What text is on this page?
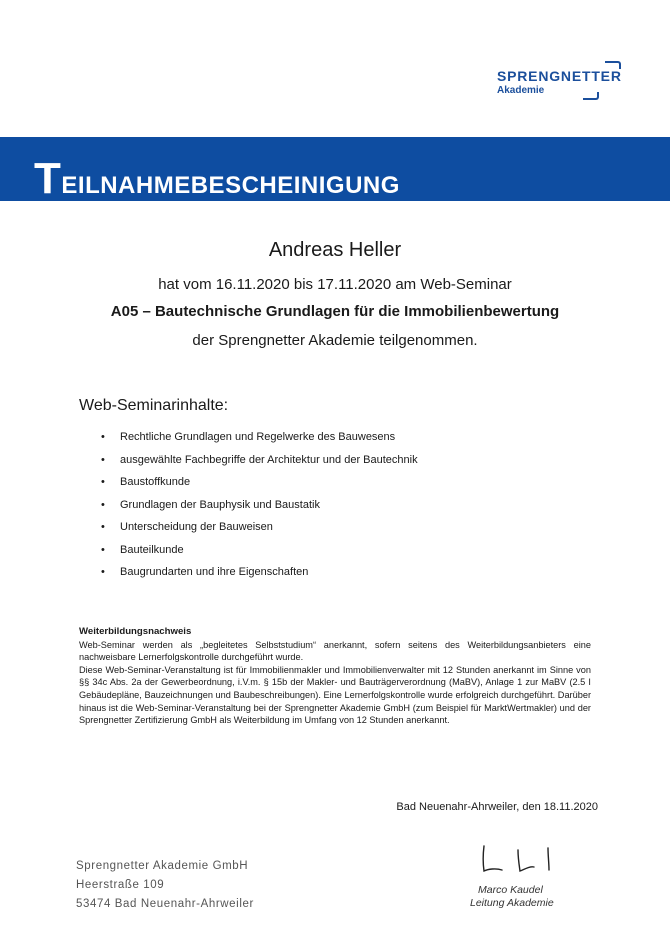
SPRENGNETTER
Akademie
Teilnahmebescheinigung
Andreas Heller
hat vom 16.11.2020 bis 17.11.2020 am Web-Seminar
A05 – Bautechnische Grundlagen für die Immobilienbewertung
der Sprengnetter Akademie teilgenommen.
Web-Seminarinhalte:
• Rechtliche Grundlagen und Regelwerke des Bauwesens
• ausgewählte Fachbegriffe der Architektur und der Bautechnik
• Baustoffkunde
• Grundlagen der Bauphysik und Baustatik
• Unterscheidung der Bauweisen
• Bauteilkunde
• Baugrundarten und ihre Eigenschaften
Weiterbildungsnachweis
Web-Seminar werden als „begleitetes Selbststudium“ anerkannt, sofern seitens des Weiterbildungsanbieters eine nachweisbare Lernerfolgskontrolle durchgeführt wurde.
Diese Web-Seminar-Veranstaltung ist für Immobilienmakler und Immobilienverwalter mit 12 Stunden anerkannt im Sinne von §§ 34c Abs. 2a der Gewerbeordnung, i.V.m. § 15b der Makler- und Bauträgerverordnung (MaBV), Anlage 1 zur MaBV (2.5 I Gebäudepläne, Bauzeichnungen und Baubeschreibungen). Eine Lernerfolgskontrolle wurde erfolgreich durchgeführt. Darüber hinaus ist die Web-Seminar-Veranstaltung bei der Sprengnetter Akademie GmbH (zum Beispiel für MarktWertmakler) und der Sprengnetter Zertifizierung GmbH als Weiterbildung im Umfang von 12 Stunden anerkannt.
Bad Neuenahr-Ahrweiler, den 18.11.2020
Sprengnetter Akademie GmbH
Heerstraße 109
53474 Bad Neuenahr-Ahrweiler
Marco Kaudel
Leitung Akademie
